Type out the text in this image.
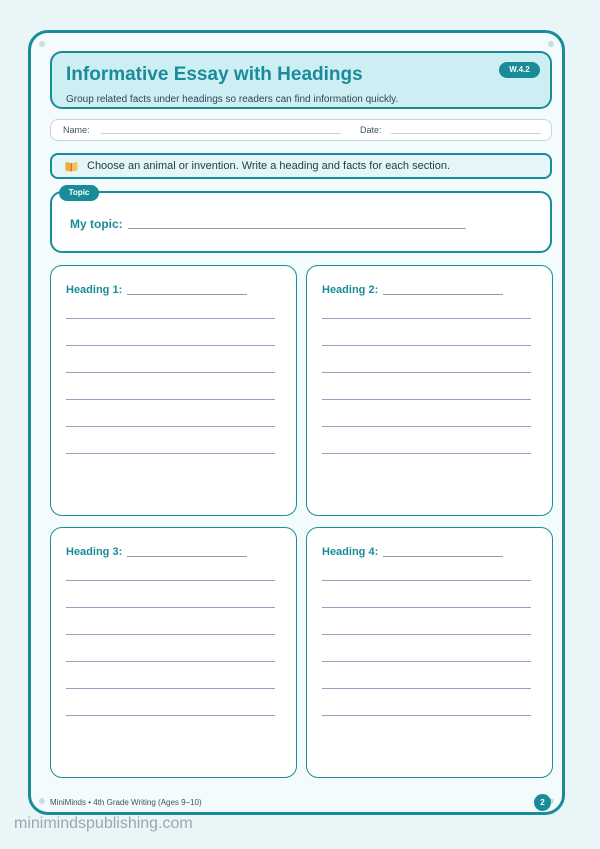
Informative Essay with Headings
Group related facts under headings so readers can find information quickly.
W.4.2
Name:	Date:
Choose an animal or invention. Write a heading and facts for each section.
My topic:
Topic
Heading 1:	Heading 2:
Heading 3:	Heading 4:
MiniMinds • 4th Grade Writing (Ages 9–10)	2
minimindspublishing.com
